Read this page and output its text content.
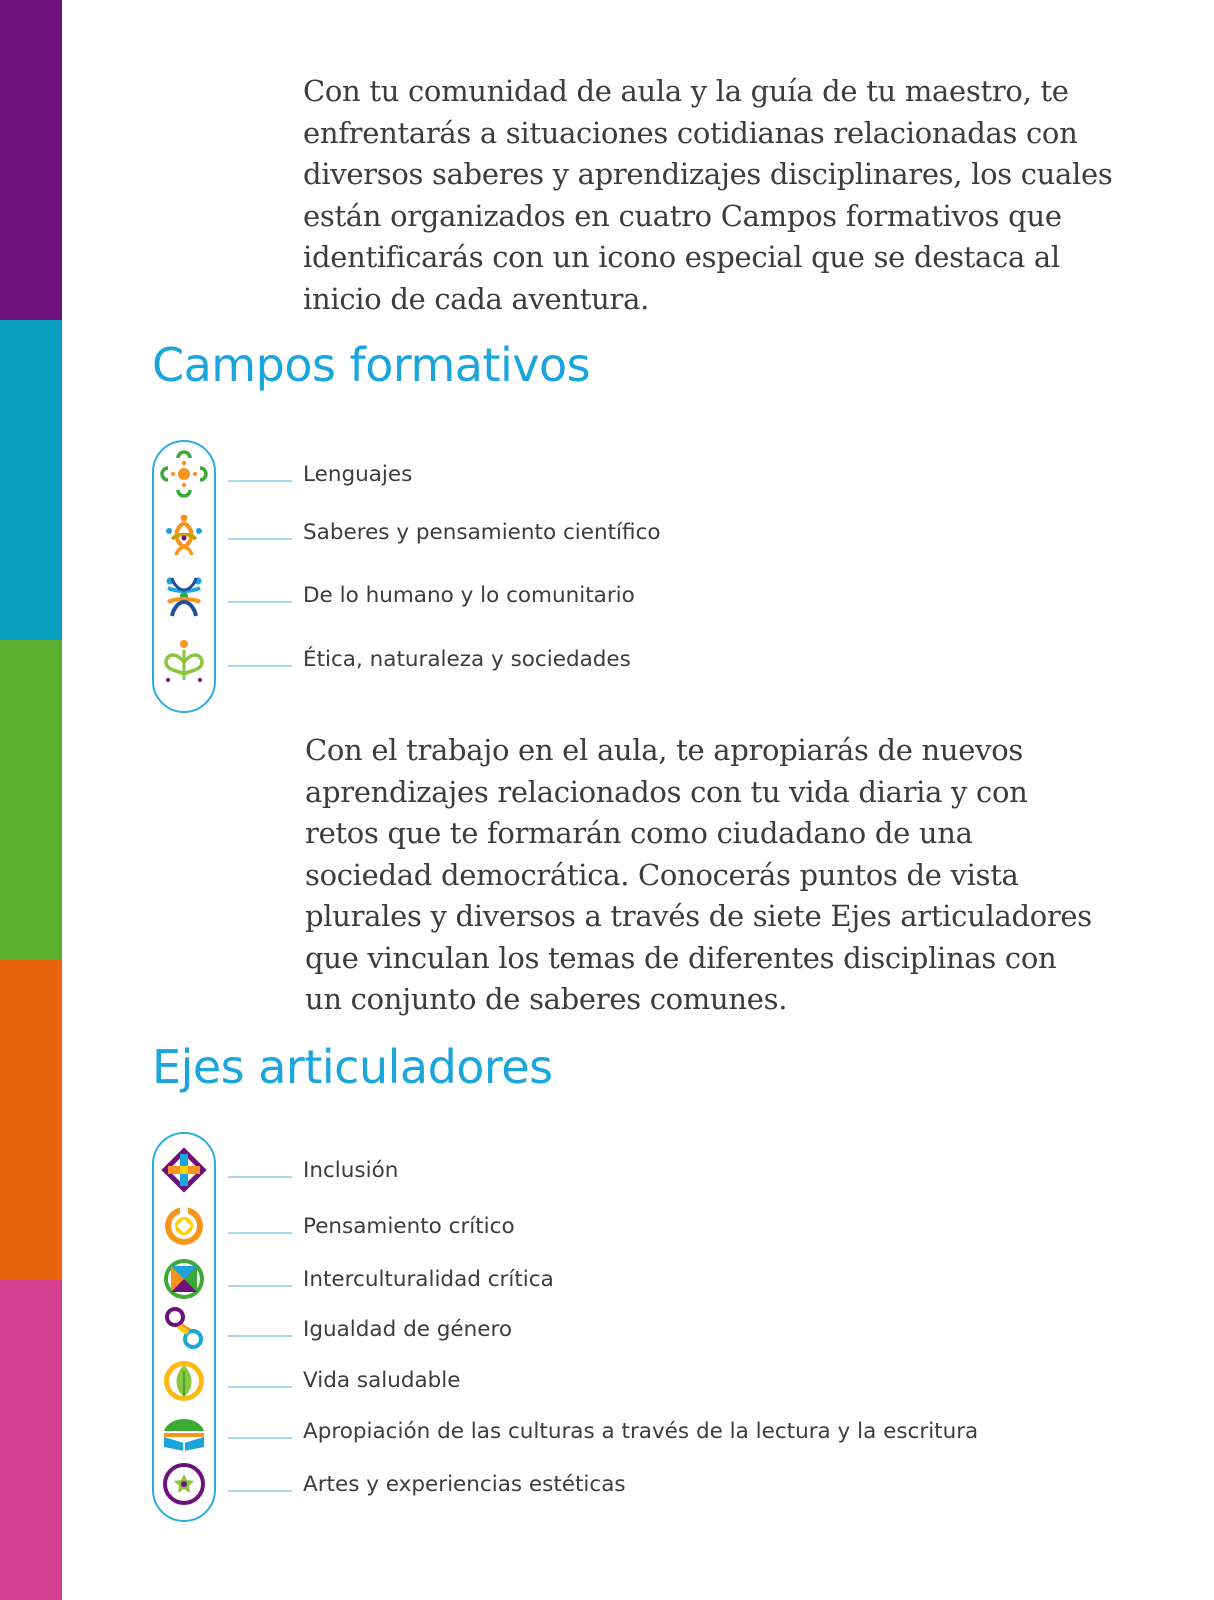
Con tu comunidad de aula y la guía de tu maestro, te
enfrentarás a situaciones cotidianas relacionadas con
diversos saberes y aprendizajes disciplinares, los cuales
están organizados en cuatro Campos formativos que
identificarás con un icono especial que se destaca al
inicio de cada aventura.
Campos formativos
Lenguajes
Saberes y pensamiento científico
De lo humano y lo comunitario
Ética, naturaleza y sociedades
Con el trabajo en el aula, te apropiarás de nuevos
aprendizajes relacionados con tu vida diaria y con
retos que te formarán como ciudadano de una
sociedad democrática. Conocerás puntos de vista
plurales y diversos a través de siete Ejes articuladores
que vinculan los temas de diferentes disciplinas con
un conjunto de saberes comunes.
Ejes articuladores
Inclusión
Pensamiento crítico
Interculturalidad crítica
Igualdad de género
Vida saludable
Apropiación de las culturas a través de la lectura y la escritura
Artes y experiencias estéticas
